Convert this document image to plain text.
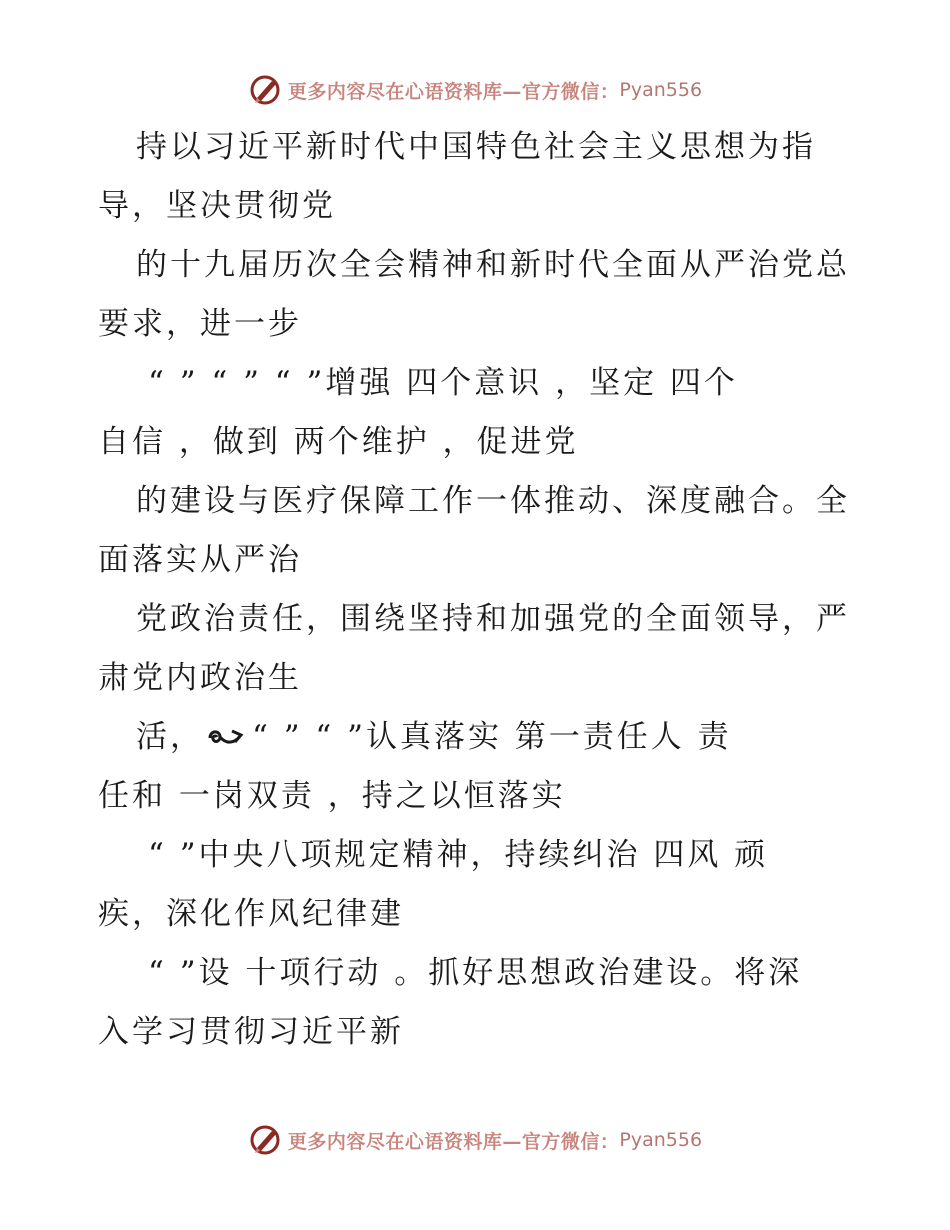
更多内容尽在心语资料库—官方微信： Pyan556
持以习近平新时代中国特色社会主义思想为指
导，坚决贯彻党
的十九届历次全会精神和新时代全面从严治党总
要求，进一步
“ ” “ ” “ ”增强 四个意识 ，坚定 四个
自信 ，做到 两个维护 ，促进党
的建设与医疗保障工作一体推动、深度融合。全
面落实从严治
党政治责任，围绕坚持和加强党的全面领导，严
肃党内政治生
活， “ ” “ ”认真落实 第一责任人 责
任和 一岗双责 ，持之以恒落实
“ ”中央八项规定精神，持续纠治 四风 顽
疾，深化作风纪律建
“ ”设 十项行动 。抓好思想政治建设。将深
入学习贯彻习近平新
更多内容尽在心语资料库—官方微信： Pyan556
